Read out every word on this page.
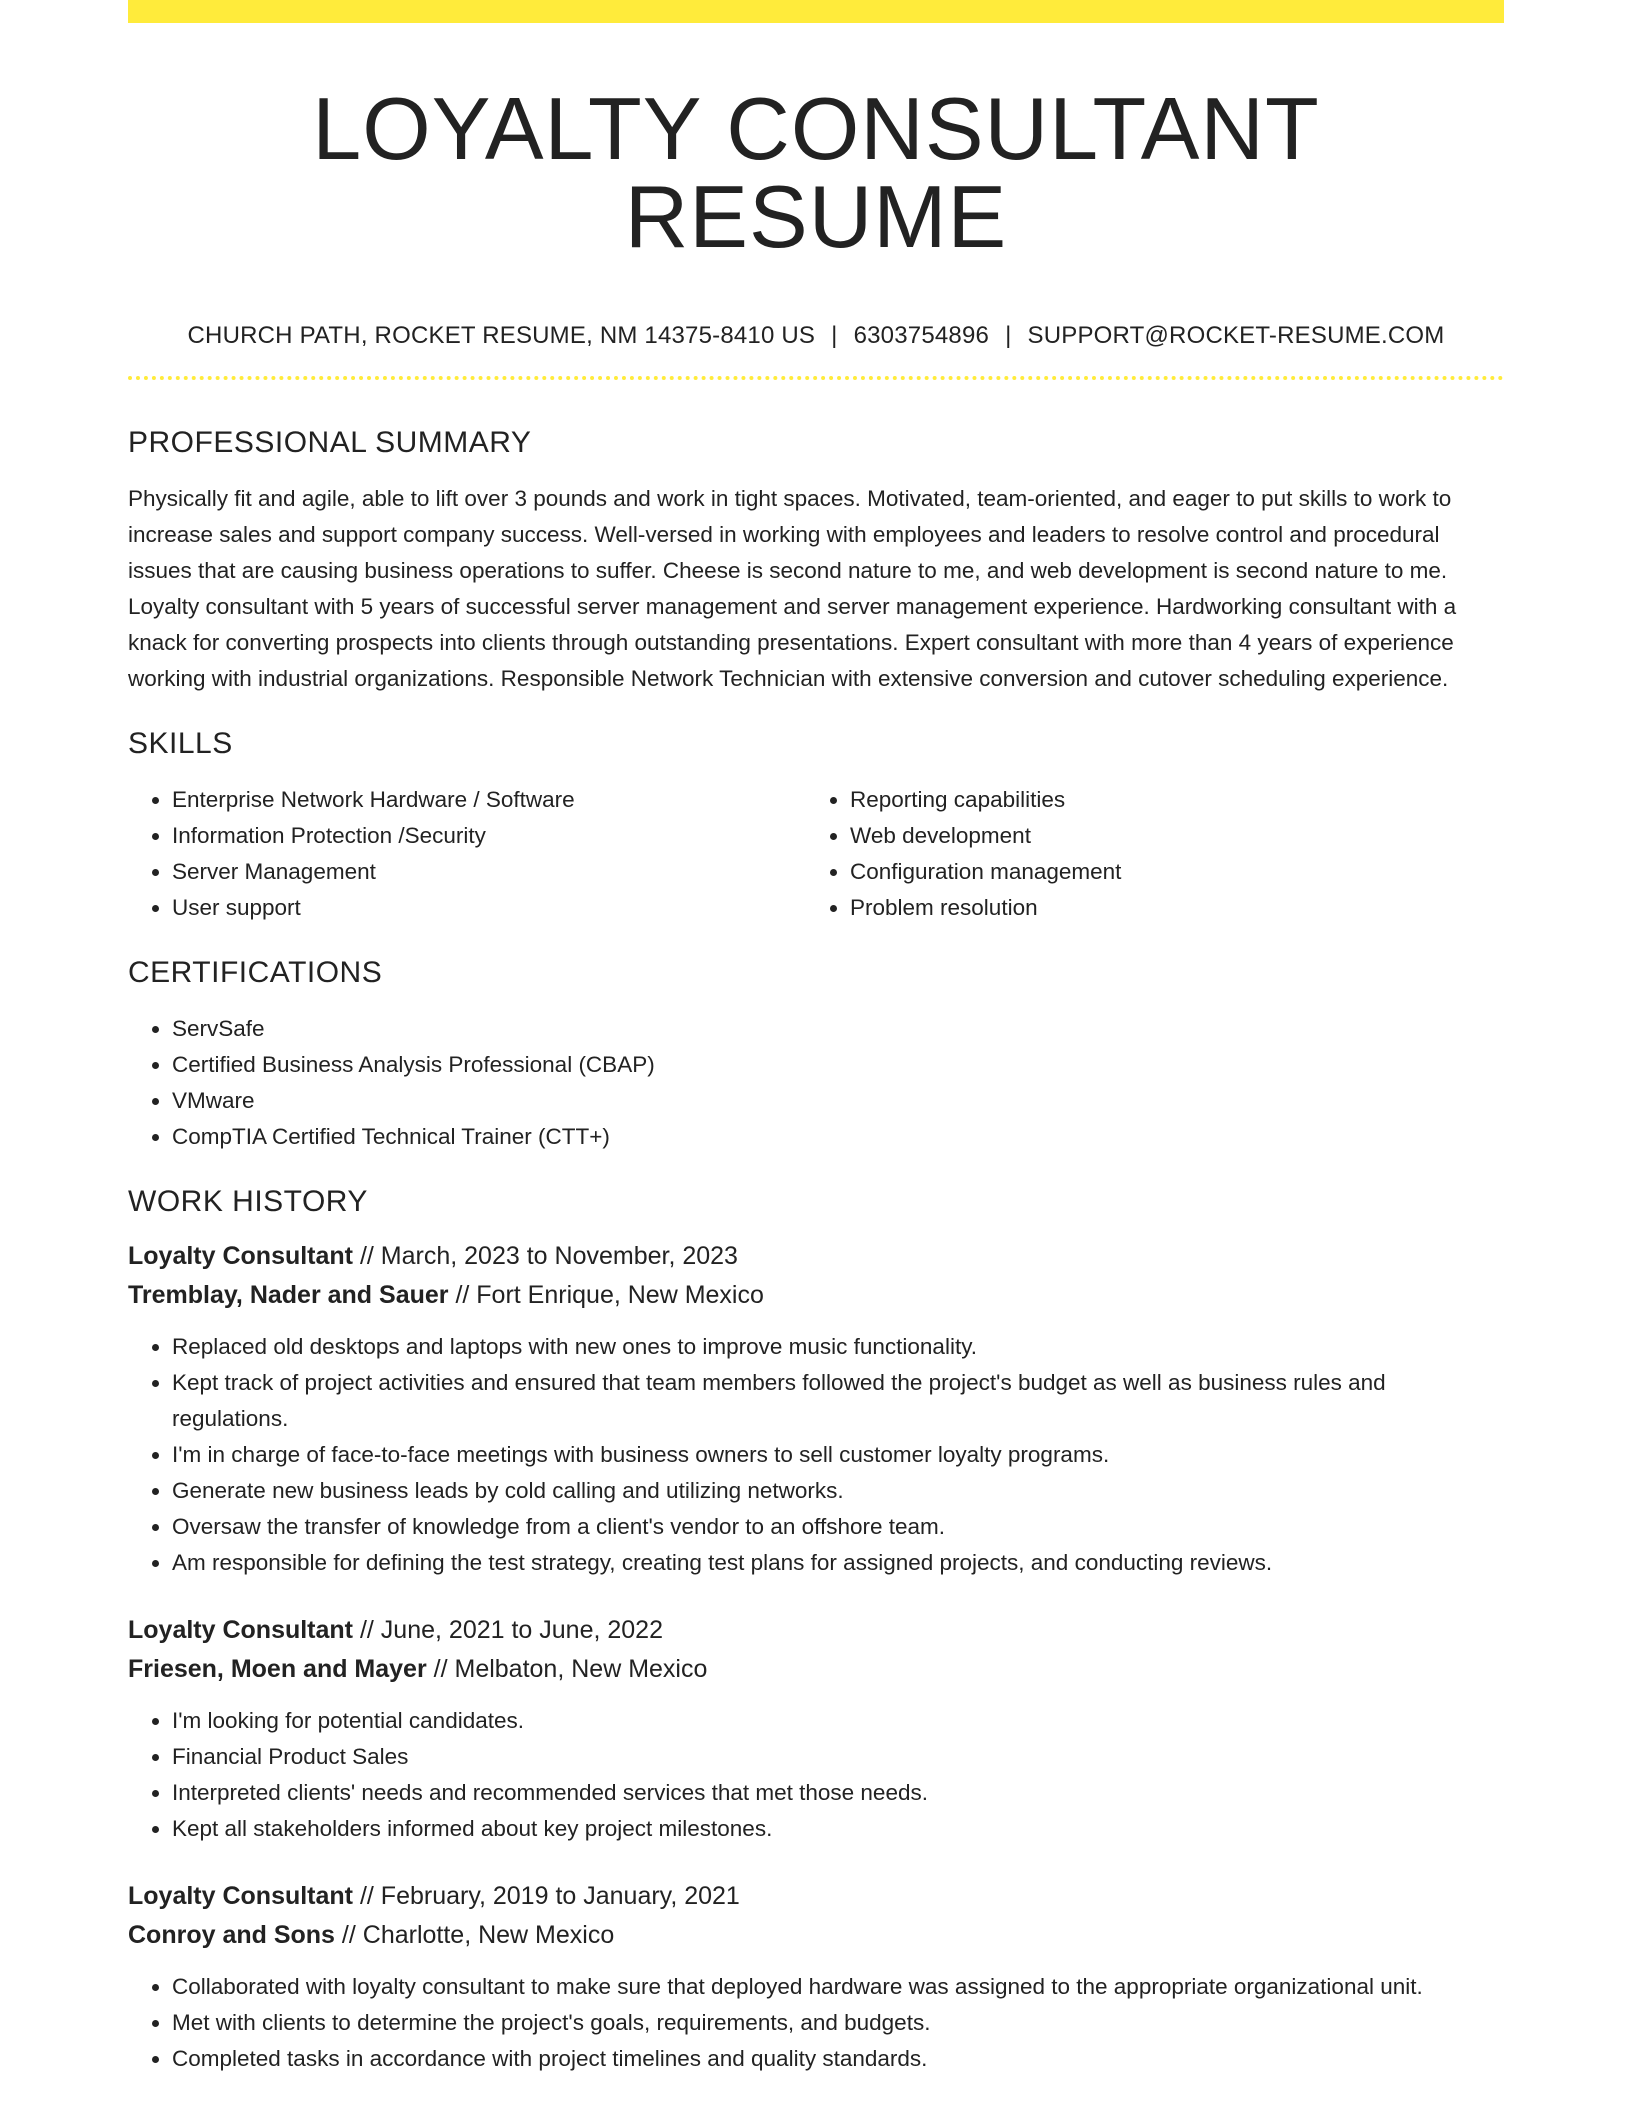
LOYALTY CONSULTANT RESUME
CHURCH PATH, ROCKET RESUME, NM 14375-8410 US | 6303754896 | SUPPORT@ROCKET-RESUME.COM
PROFESSIONAL SUMMARY

Physically fit and agile, able to lift over 3 pounds and work in tight spaces. Motivated, team-oriented, and eager to put skills to work to increase sales and support company success. Well-versed in working with employees and leaders to resolve control and procedural issues that are causing business operations to suffer. Cheese is second nature to me, and web development is second nature to me. Loyalty consultant with 5 years of successful server management and server management experience. Hardworking consultant with a knack for converting prospects into clients through outstanding presentations. Expert consultant with more than 4 years of experience working with industrial organizations. Responsible Network Technician with extensive conversion and cutover scheduling experience.

SKILLS
• Enterprise Network Hardware / Software
• Information Protection /Security
• Server Management
• User support
• Reporting capabilities
• Web development
• Configuration management
• Problem resolution
CERTIFICATIONS
• ServSafe
• Certified Business Analysis Professional (CBAP)
• VMware
• CompTIA Certified Technical Trainer (CTT+)
WORK HISTORY

Loyalty Consultant // March, 2023 to November, 2023

Tremblay, Nader and Sauer // Fort Enrique, New Mexico

• Replaced old desktops and laptops with new ones to improve music functionality.
• Kept track of project activities and ensured that team members followed the project's budget as well as business rules and regulations.
• I'm in charge of face-to-face meetings with business owners to sell customer loyalty programs.
• Generate new business leads by cold calling and utilizing networks.
• Oversaw the transfer of knowledge from a client's vendor to an offshore team.
• Am responsible for defining the test strategy, creating test plans for assigned projects, and conducting reviews.

Loyalty Consultant // June, 2021 to June, 2022

Friesen, Moen and Mayer // Melbaton, New Mexico

• I'm looking for potential candidates.
• Financial Product Sales
• Interpreted clients' needs and recommended services that met those needs.
• Kept all stakeholders informed about key project milestones.

Loyalty Consultant // February, 2019 to January, 2021

Conroy and Sons // Charlotte, New Mexico

• Collaborated with loyalty consultant to make sure that deployed hardware was assigned to the appropriate organizational unit.
• Met with clients to determine the project's goals, requirements, and budgets.
• Completed tasks in accordance with project timelines and quality standards.
